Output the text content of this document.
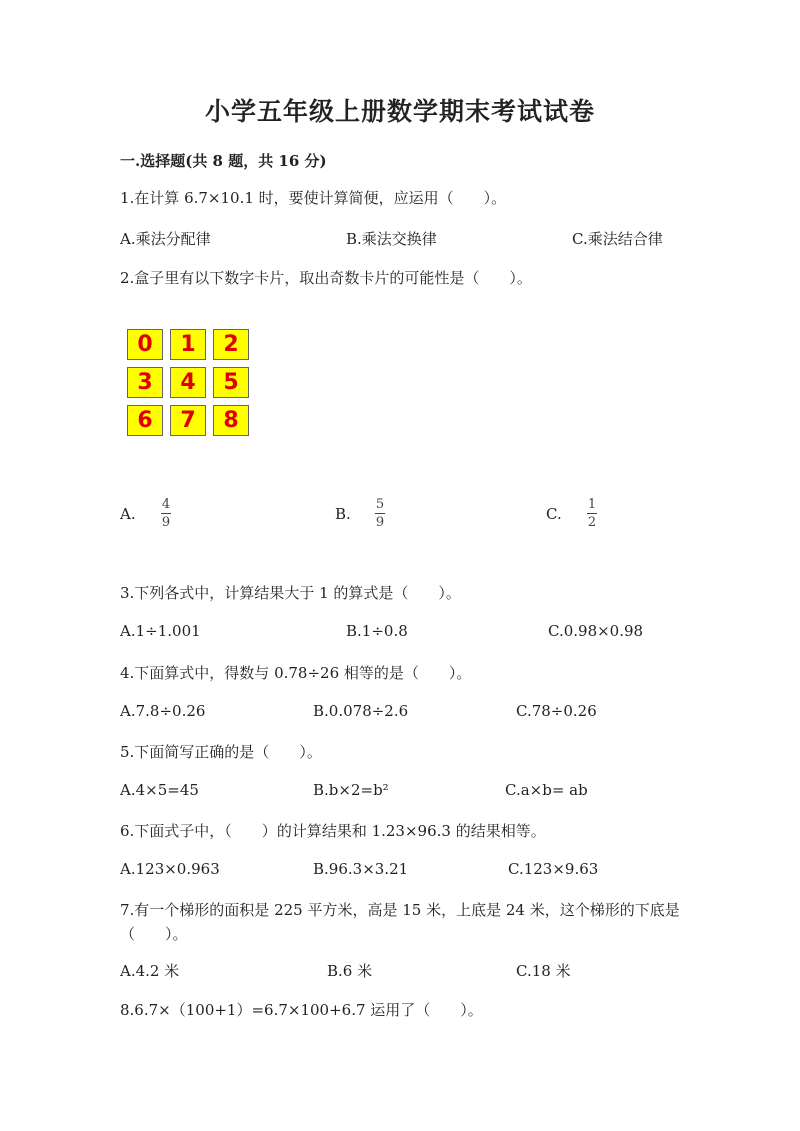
小学五年级上册数学期末考试试卷
一.选择题(共 8 题，共 16 分)
1.在计算 6.7×10.1 时，要使计算简便，应运用（　　）。
A.乘法分配律	B.乘法交换律	C.乘法结合律
2.盒子里有以下数字卡片，取出奇数卡片的可能性是（　　）。
0	1	2
3	4	5
6	7	8
A.
4
9	B.
5
9	C.
1
2
3.下列各式中，计算结果大于 1 的算式是（　　）。
A.1÷1.001	B.1÷0.8	C.0.98×0.98
4.下面算式中，得数与 0.78÷26 相等的是（　　）。
A.7.8÷0.26	B.0.078÷2.6	C.78÷0.26
5.下面简写正确的是（　　）。
A.4×5=45	B.b×2=b²	C.a×b= ab
6.下面式子中，（　　）的计算结果和 1.23×96.3 的结果相等。
A.123×0.963	B.96.3×3.21	C.123×9.63
7.有一个梯形的面积是 225 平方米，高是 15 米，上底是 24 米，这个梯形的下底是（　　）。
A.4.2 米	B.6 米	C.18 米
8.6.7×（100+1）=6.7×100+6.7 运用了（　　）。
